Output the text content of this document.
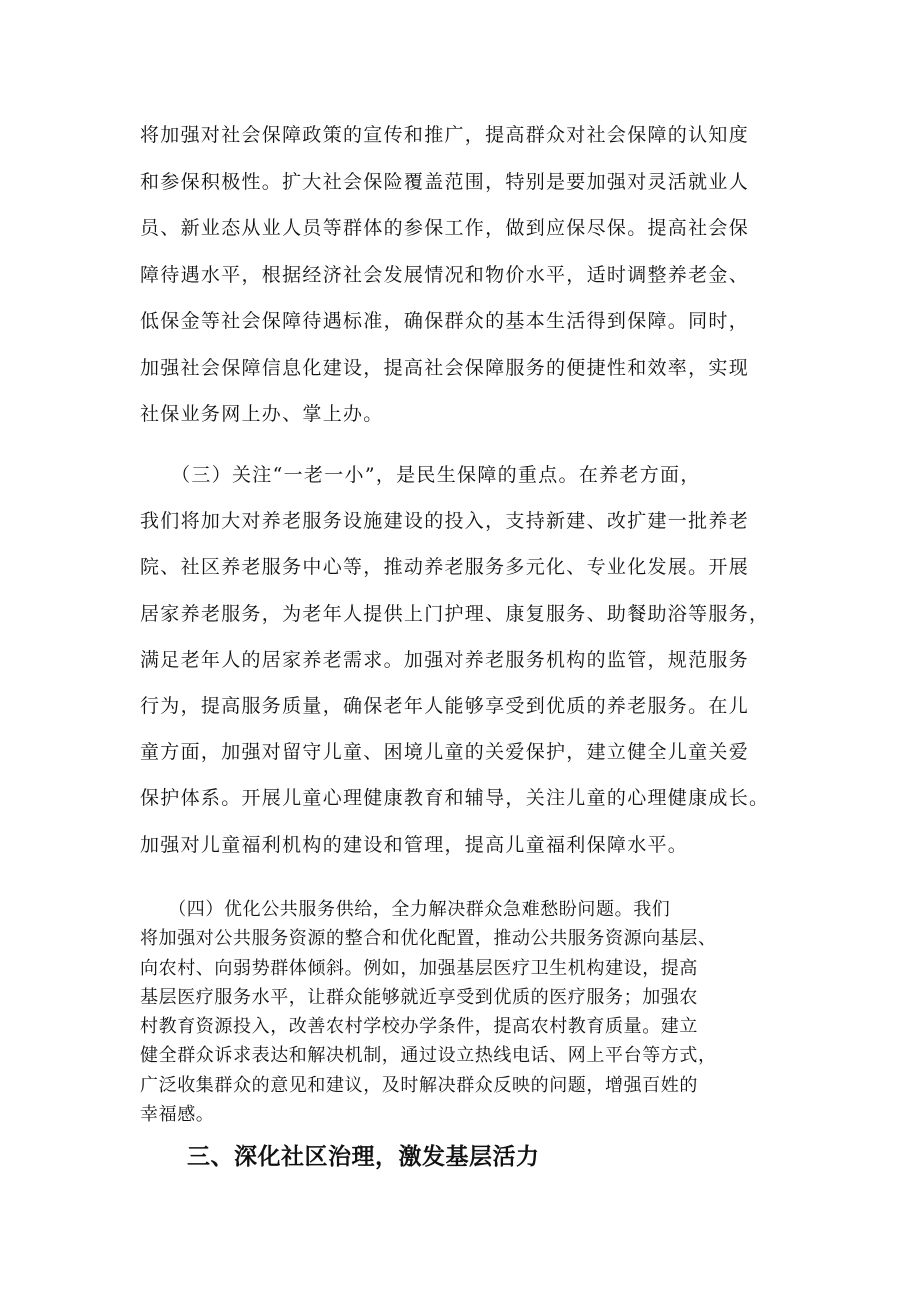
将加强对社会保障政策的宣传和推广，提高群众对社会保障的认知度
和参保积极性。扩大社会保险覆盖范围，特别是要加强对灵活就业人
员、新业态从业人员等群体的参保工作，做到应保尽保。提高社会保
障待遇水平，根据经济社会发展情况和物价水平，适时调整养老金、
低保金等社会保障待遇标准，确保群众的基本生活得到保障。同时，
加强社会保障信息化建设，提高社会保障服务的便捷性和效率，实现
社保业务网上办、掌上办。
　　（三）关注“一老一小”，是民生保障的重点。在养老方面，
我们将加大对养老服务设施建设的投入，支持新建、改扩建一批养老
院、社区养老服务中心等，推动养老服务多元化、专业化发展。开展
居家养老服务，为老年人提供上门护理、康复服务、助餐助浴等服务，
满足老年人的居家养老需求。加强对养老服务机构的监管，规范服务
行为，提高服务质量，确保老年人能够享受到优质的养老服务。在儿
童方面，加强对留守儿童、困境儿童的关爱保护，建立健全儿童关爱
保护体系。开展儿童心理健康教育和辅导，关注儿童的心理健康成长。
加强对儿童福利机构的建设和管理，提高儿童福利保障水平。
　　（四）优化公共服务供给，全力解决群众急难愁盼问题。我们
将加强对公共服务资源的整合和优化配置，推动公共服务资源向基层、
向农村、向弱势群体倾斜。例如，加强基层医疗卫生机构建设，提高
基层医疗服务水平，让群众能够就近享受到优质的医疗服务；加强农
村教育资源投入，改善农村学校办学条件，提高农村教育质量。建立
健全群众诉求表达和解决机制，通过设立热线电话、网上平台等方式，
广泛收集群众的意见和建议，及时解决群众反映的问题，增强百姓的
幸福感。
三、深化社区治理，激发基层活力
